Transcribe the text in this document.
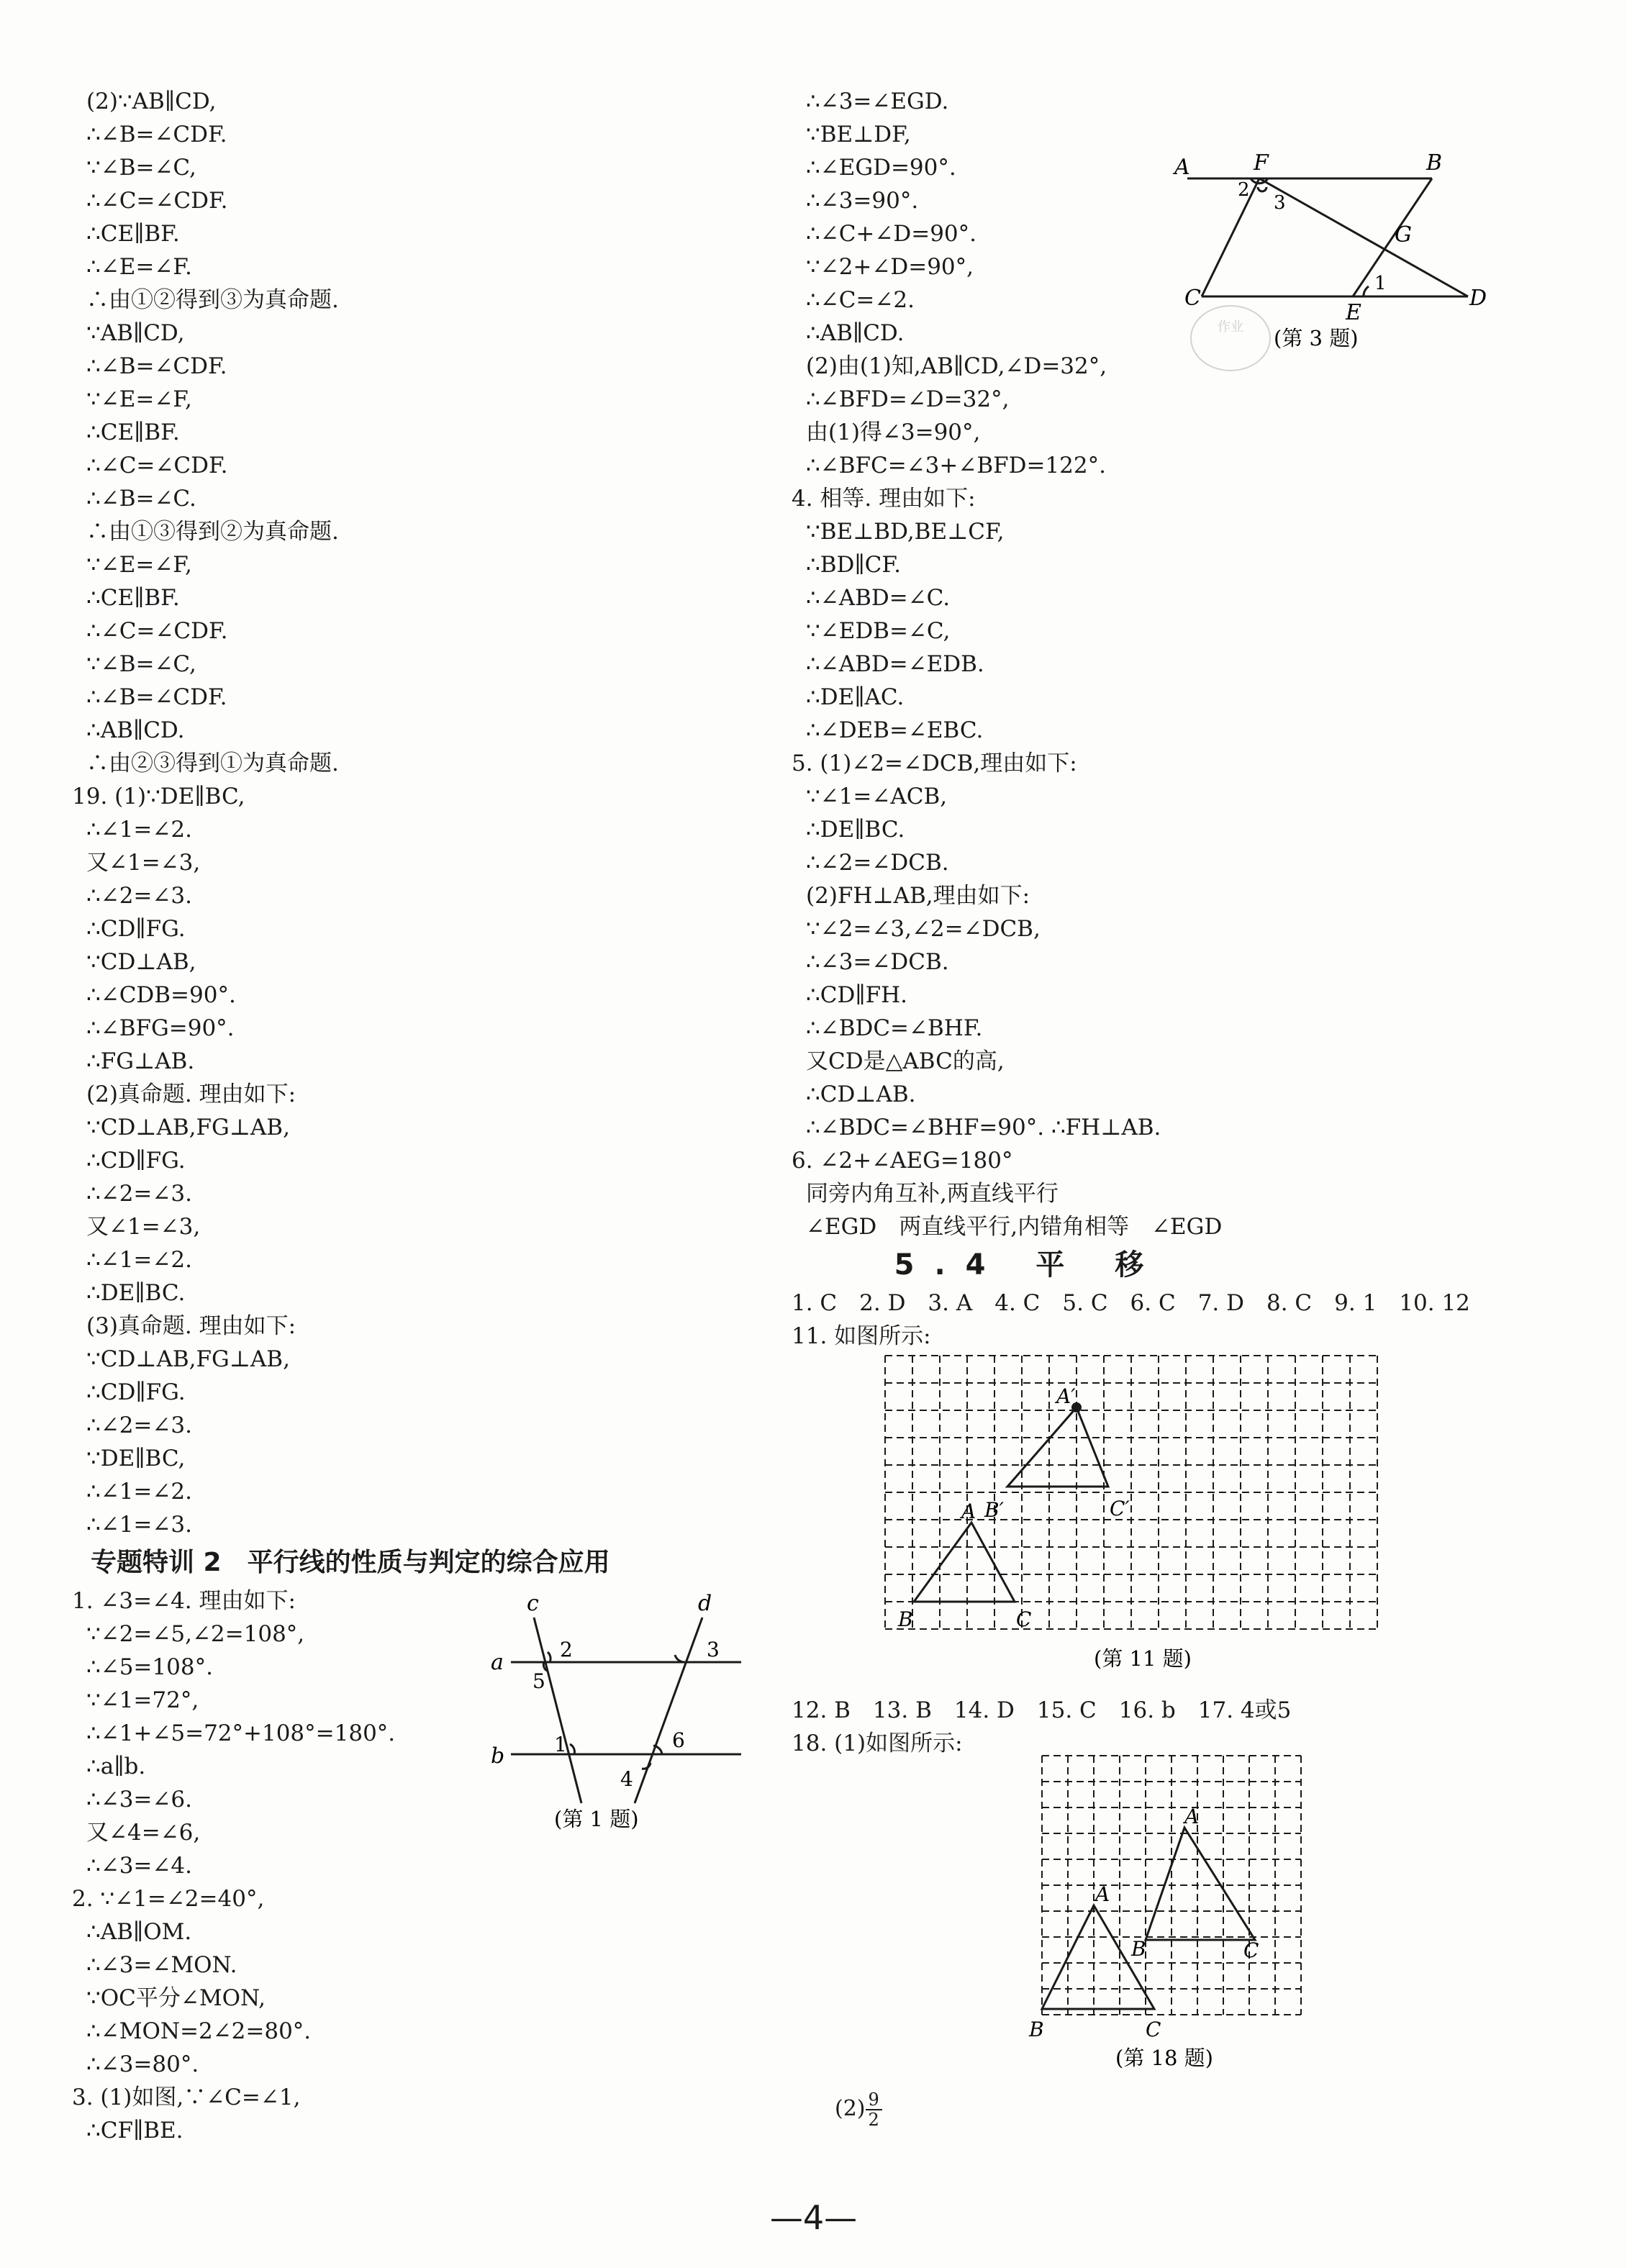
(2)∵AB∥CD,
∴∠B=∠CDF.
∵∠B=∠C,
∴∠C=∠CDF.
∴CE∥BF.
∴∠E=∠F.
∴由①②得到③为真命题.
∵AB∥CD,
∴∠B=∠CDF.
∵∠E=∠F,
∴CE∥BF.
∴∠C=∠CDF.
∴∠B=∠C.
∴由①③得到②为真命题.
∵∠E=∠F,
∴CE∥BF.
∴∠C=∠CDF.
∵∠B=∠C,
∴∠B=∠CDF.
∴AB∥CD.
∴由②③得到①为真命题.
19. (1)∵DE∥BC,
∴∠1=∠2.
又∠1=∠3,
∴∠2=∠3.
∴CD∥FG.
∵CD⊥AB,
∴∠CDB=90°.
∴∠BFG=90°.
∴FG⊥AB.
(2)真命题. 理由如下:
∵CD⊥AB,FG⊥AB,
∴CD∥FG.
∴∠2=∠3.
又∠1=∠3,
∴∠1=∠2.
∴DE∥BC.
(3)真命题. 理由如下:
∵CD⊥AB,FG⊥AB,
∴CD∥FG.
∴∠2=∠3.
∵DE∥BC,
∴∠1=∠2.
∴∠1=∠3.
专题特训 2　平行线的性质与判定的综合应用
1. ∠3=∠4. 理由如下:
∵∠2=∠5,∠2=108°,
∴∠5=108°.
∵∠1=72°,
∴∠1+∠5=72°+108°=180°.
∴a∥b.
∴∠3=∠6.
又∠4=∠6,
∴∠3=∠4.
2. ∵∠1=∠2=40°,
∴AB∥OM.
∴∠3=∠MON.
∵OC平分∠MON,
∴∠MON=2∠2=80°.
∴∠3=80°.
3. (1)如图,∵∠C=∠1,
∴CF∥BE.
∴∠3=∠EGD.
∵BE⊥DF,
∴∠EGD=90°.
∴∠3=90°.
∴∠C+∠D=90°.
∵∠2+∠D=90°,
∴∠C=∠2.
∴AB∥CD.
(2)由(1)知,AB∥CD,∠D=32°,
∴∠BFD=∠D=32°,
由(1)得∠3=90°,
∴∠BFC=∠3+∠BFD=122°.
4. 相等. 理由如下:
∵BE⊥BD,BE⊥CF,
∴BD∥CF.
∴∠ABD=∠C.
∵∠EDB=∠C,
∴∠ABD=∠EDB.
∴DE∥AC.
∴∠DEB=∠EBC.
5. (1)∠2=∠DCB,理由如下:
∵∠1=∠ACB,
∴DE∥BC.
∴∠2=∠DCB.
(2)FH⊥AB,理由如下:
∵∠2=∠3,∠2=∠DCB,
∴∠3=∠DCB.
∴CD∥FH.
∴∠BDC=∠BHF.
又CD是△ABC的高,
∴CD⊥AB.
∴∠BDC=∠BHF=90°. ∴FH⊥AB.
6. ∠2+∠AEG=180°
同旁内角互补,两直线平行
∠EGD　两直线平行,内错角相等　∠EGD
5.4 平 移
1. C　2. D　3. A　4. C　5. C　6. C　7. D　8. C　9. 1　10. 12
11. 如图所示:
12. B　13. B　14. D　15. C　16. b　17. 4或5
18. (1)如图所示:
A	F	B
C
E
D
G
1
2
3
(第 3 题)
作业
a
b
c	d
1
2	3
4
5
6
(第 1 题)
A
B	C
A′
B′	C′
(第 11 题)
B
A
C
A
B	C
(第 18 题)
$(2) \frac{9}{2}$
—4—
